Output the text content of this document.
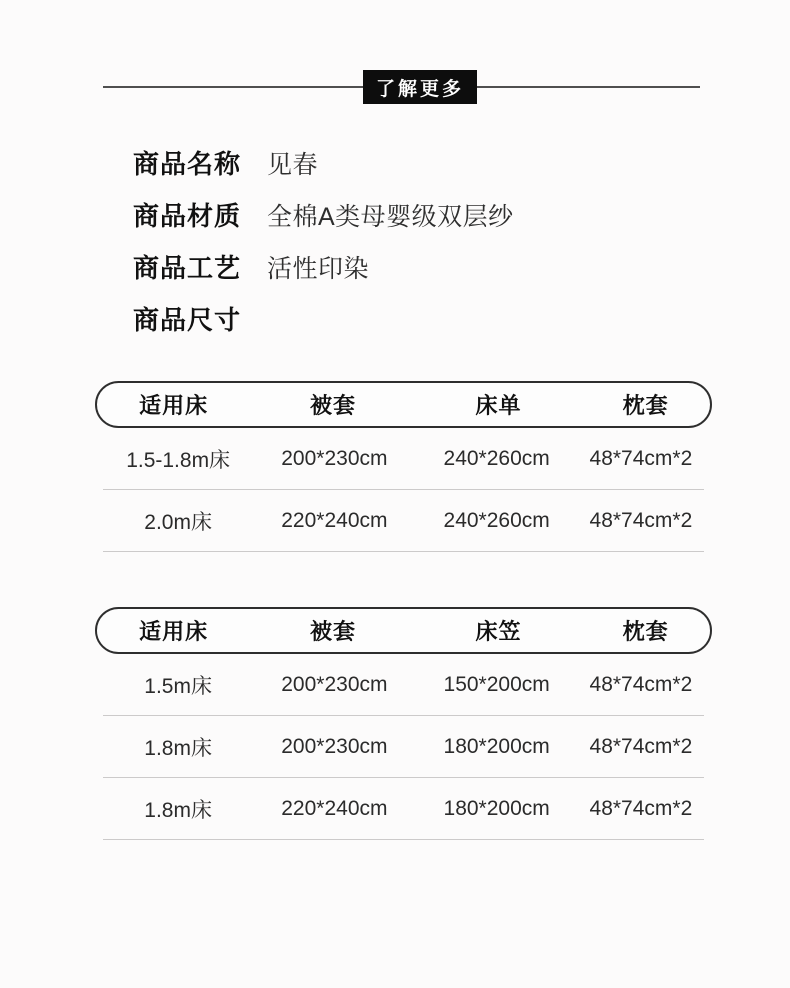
了解更多
商品名称	见春
商品材质	全棉A类母婴级双层纱
商品工艺	活性印染
商品尺寸
适用床	被套	床单	枕套
1.5-1.8m床	200*230cm	240*260cm	48*74cm*2
2.0m床	220*240cm	240*260cm	48*74cm*2
适用床	被套	床笠	枕套
1.5m床	200*230cm	150*200cm	48*74cm*2
1.8m床	200*230cm	180*200cm	48*74cm*2
1.8m床	220*240cm	180*200cm	48*74cm*2
